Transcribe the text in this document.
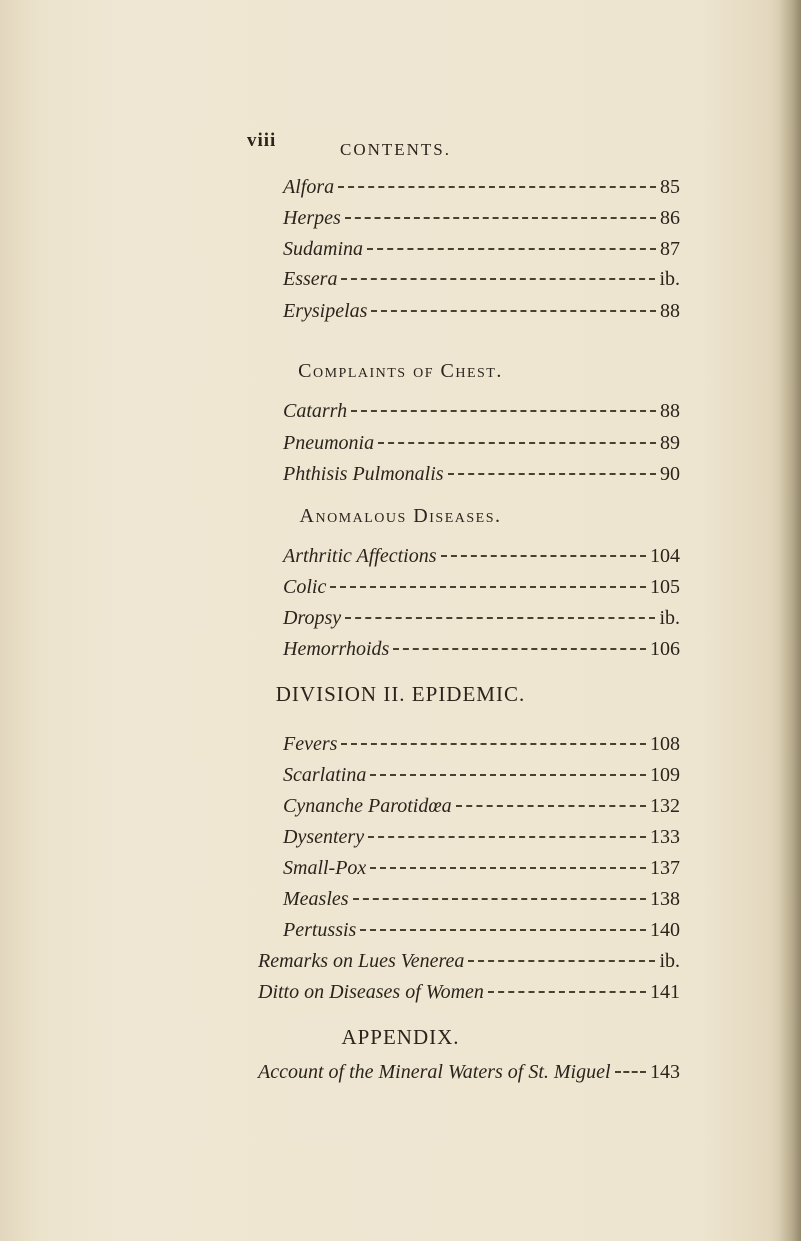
viii	CONTENTS.
Alfora	85
Herpes	86
Sudamina	87
Essera	ib.
Erysipelas	88
Complaints of Chest.
Catarrh	88
Pneumonia	89
Phthisis Pulmonalis	90
Anomalous Diseases.
Arthritic Affections	104
Colic	105
Dropsy	ib.
Hemorrhoids	106
DIVISION II. EPIDEMIC.
Fevers	108
Scarlatina	109
Cynanche Parotidœa	132
Dysentery	133
Small-Pox	137
Measles	138
Pertussis	140
Remarks on Lues Venerea	ib.
Ditto on Diseases of Women	141
APPENDIX.
Account of the Mineral Waters of St. Miguel 143
